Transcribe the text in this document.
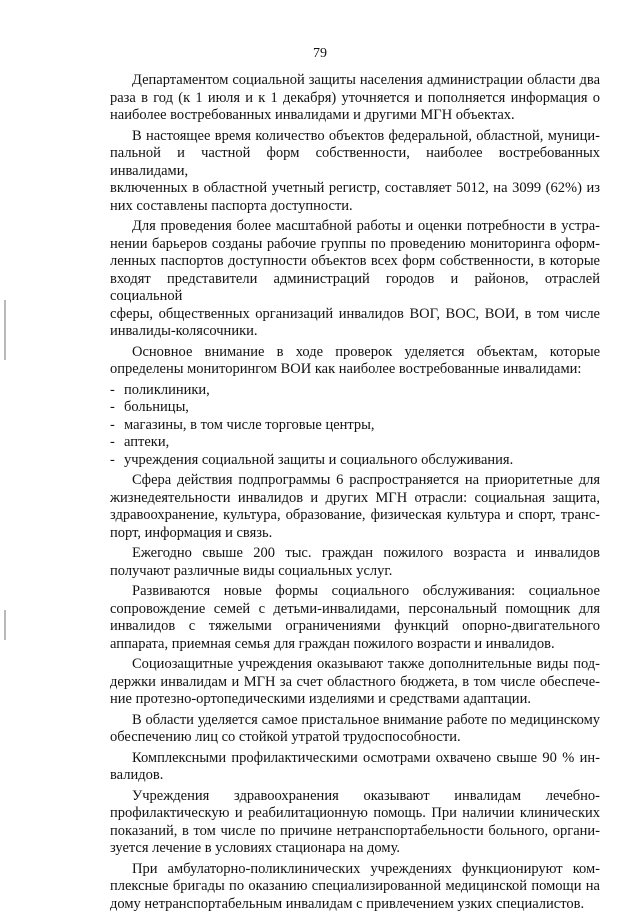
79
Департаментом социальной защиты населения администрации области два
раза в год (к 1 июля и к 1 декабря) уточняется и пополняется информация о
наиболее востребованных инвалидами и другими МГН объектах.
В настоящее время количество объектов федеральной, областной, муници-
пальной и частной форм собственности, наиболее востребованных инвалидами,
включенных в областной учетный регистр, составляет 5012, на 3099 (62%) из
них составлены паспорта доступности.
Для проведения более масштабной работы и оценки потребности в устра-
нении барьеров созданы рабочие группы по проведению мониторинга оформ-
ленных паспортов доступности объектов всех форм собственности, в которые
входят представители администраций городов и районов, отраслей социальной
сферы, общественных организаций инвалидов ВОГ, ВОС, ВОИ, в том числе
инвалиды-колясочники.
Основное внимание в ходе проверок уделяется объектам, которые
определены мониторингом ВОИ как наиболее востребованные инвалидами:
- поликлиники,
- больницы,
- магазины, в том числе торговые центры,
- аптеки,
- учреждения социальной защиты и социального обслуживания.
Сфера действия подпрограммы 6 распространяется на приоритетные для
жизнедеятельности инвалидов и других МГН отрасли: социальная защита,
здравоохранение, культура, образование, физическая культура и спорт, транс-
порт, информация и связь.
Ежегодно свыше 200 тыс. граждан пожилого возраста и инвалидов
получают различные виды социальных услуг.
Развиваются новые формы социального обслуживания: социальное
сопровождение семей с детьми-инвалидами, персональный помощник для
инвалидов с тяжелыми ограничениями функций опорно-двигательного
аппарата, приемная семья для граждан пожилого возрасти и инвалидов.
Социозащитные учреждения оказывают также дополнительные виды под-
держки инвалидам и МГН за счет областного бюджета, в том числе обеспече-
ние протезно-ортопедическими изделиями и средствами адаптации.
В области уделяется самое пристальное внимание работе по медицинскому
обеспечению лиц со стойкой утратой трудоспособности.
Комплексными профилактическими осмотрами охвачено свыше 90 % ин-
валидов.
Учреждения здравоохранения оказывают инвалидам лечебно-
профилактическую и реабилитационную помощь. При наличии клинических
показаний, в том числе по причине нетранспортабельности больного, органи-
зуется лечение в условиях стационара на дому.
При амбулаторно-поликлинических учреждениях функционируют ком-
плексные бригады по оказанию специализированной медицинской помощи на
дому нетранспортабельным инвалидам с привлечением узких специалистов.
